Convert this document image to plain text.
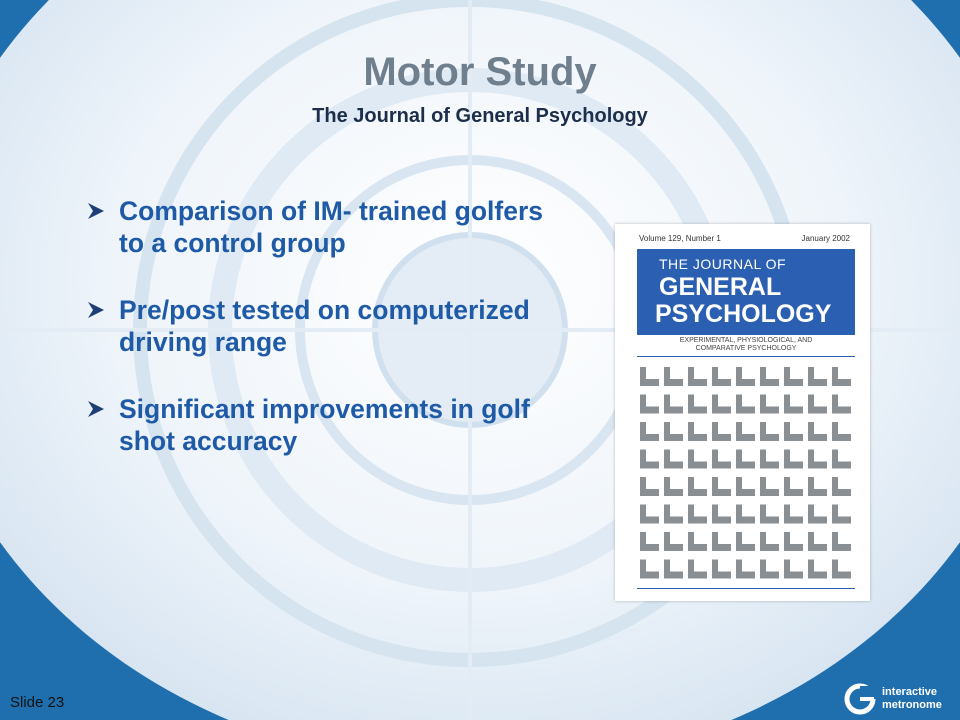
Motor Study
The Journal of General Psychology
Comparison of IM- trained golfers to a control group
Pre/post tested on computerized driving range
Significant improvements in golf shot accuracy
Volume 129, Number 1	January 2002
THE JOURNAL OF
GENERAL
PSYCHOLOGY
EXPERIMENTAL, PHYSIOLOGICAL, AND
COMPARATIVE PSYCHOLOGY
Slide 23
interactive
metronome
